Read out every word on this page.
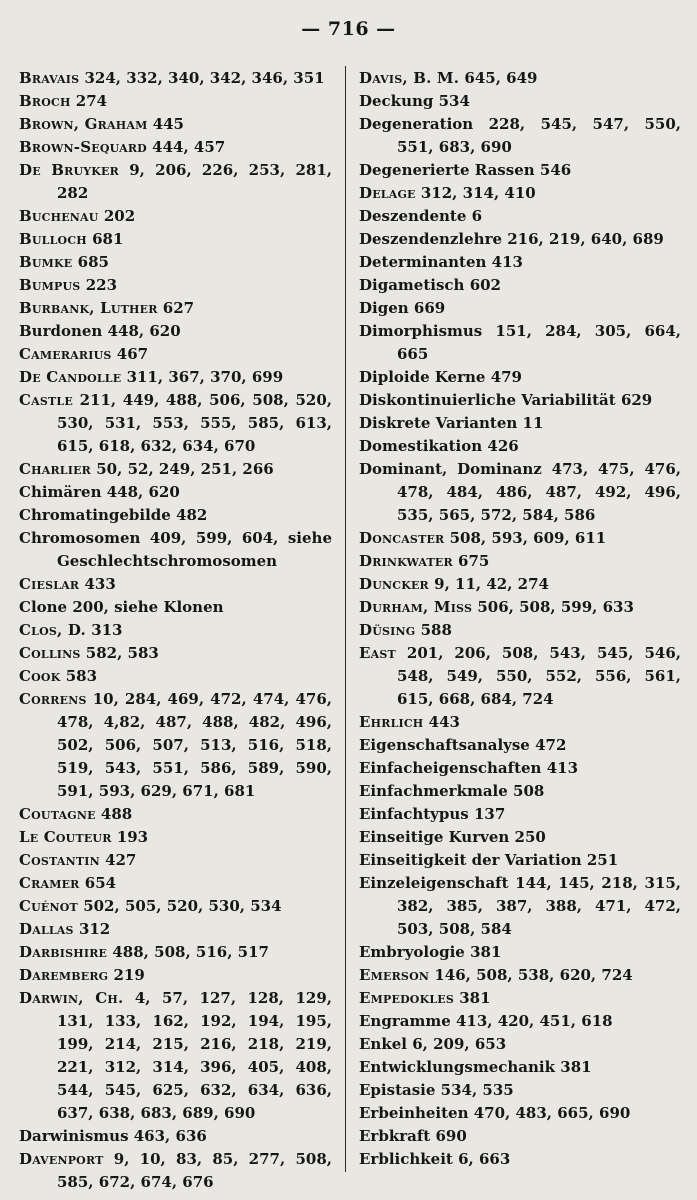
— 716 —
Bravais 324, 332, 340, 342, 346, 351
Broch 274
Brown, Graham 445
Brown-Sequard 444, 457
De Bruyker 9, 206, 226, 253, 281, 282
Buchenau 202
Bulloch 681
Bumke 685
Bumpus 223
Burbank, Luther 627
Burdonen 448, 620
Camerarius 467
De Candolle 311, 367, 370, 699
Castle 211, 449, 488, 506, 508, 520, 530, 531, 553, 555, 585, 613, 615, 618, 632, 634, 670
Charlier 50, 52, 249, 251, 266
Chimären 448, 620
Chromatingebilde 482
Chromosomen 409, 599, 604, siehe Geschlechtschromosomen
Cieslar 433
Clone 200, siehe Klonen
Clos, D. 313
Collins 582, 583
Cook 583
Correns 10, 284, 469, 472, 474, 476, 478, 4,82, 487, 488, 482, 496, 502, 506, 507, 513, 516, 518, 519, 543, 551, 586, 589, 590, 591, 593, 629, 671, 681
Coutagne 488
Le Couteur 193
Costantin 427
Cramer 654
Cuénot 502, 505, 520, 530, 534
Dallas 312
Darbishire 488, 508, 516, 517
Daremberg 219
Darwin, Ch. 4, 57, 127, 128, 129, 131, 133, 162, 192, 194, 195, 199, 214, 215, 216, 218, 219, 221, 312, 314, 396, 405, 408, 544, 545, 625, 632, 634, 636, 637, 638, 683, 689, 690
Darwinismus 463, 636
Davenport 9, 10, 83, 85, 277, 508, 585, 672, 674, 676
Davis, B. M. 645, 649
Deckung 534
Degeneration 228, 545, 547, 550, 551, 683, 690
Degenerierte Rassen 546
Delage 312, 314, 410
Deszendente 6
Deszendenzlehre 216, 219, 640, 689
Determinanten 413
Digametisch 602
Digen 669
Dimorphismus 151, 284, 305, 664, 665
Diploide Kerne 479
Diskontinuierliche Variabilität 629
Diskrete Varianten 11
Domestikation 426
Dominant, Dominanz 473, 475, 476, 478, 484, 486, 487, 492, 496, 535, 565, 572, 584, 586
Doncaster 508, 593, 609, 611
Drinkwater 675
Duncker 9, 11, 42, 274
Durham, Miss 506, 508, 599, 633
Düsing 588
East 201, 206, 508, 543, 545, 546, 548, 549, 550, 552, 556, 561, 615, 668, 684, 724
Ehrlich 443
Eigenschaftsanalyse 472
Einfacheigenschaften 413
Einfachmerkmale 508
Einfachtypus 137
Einseitige Kurven 250
Einseitigkeit der Variation 251
Einzeleigenschaft 144, 145, 218, 315, 382, 385, 387, 388, 471, 472, 503, 508, 584
Embryologie 381
Emerson 146, 508, 538, 620, 724
Empedokles 381
Engramme 413, 420, 451, 618
Enkel 6, 209, 653
Entwicklungsmechanik 381
Epistasie 534, 535
Erbeinheiten 470, 483, 665, 690
Erbkraft 690
Erblichkeit 6, 663
